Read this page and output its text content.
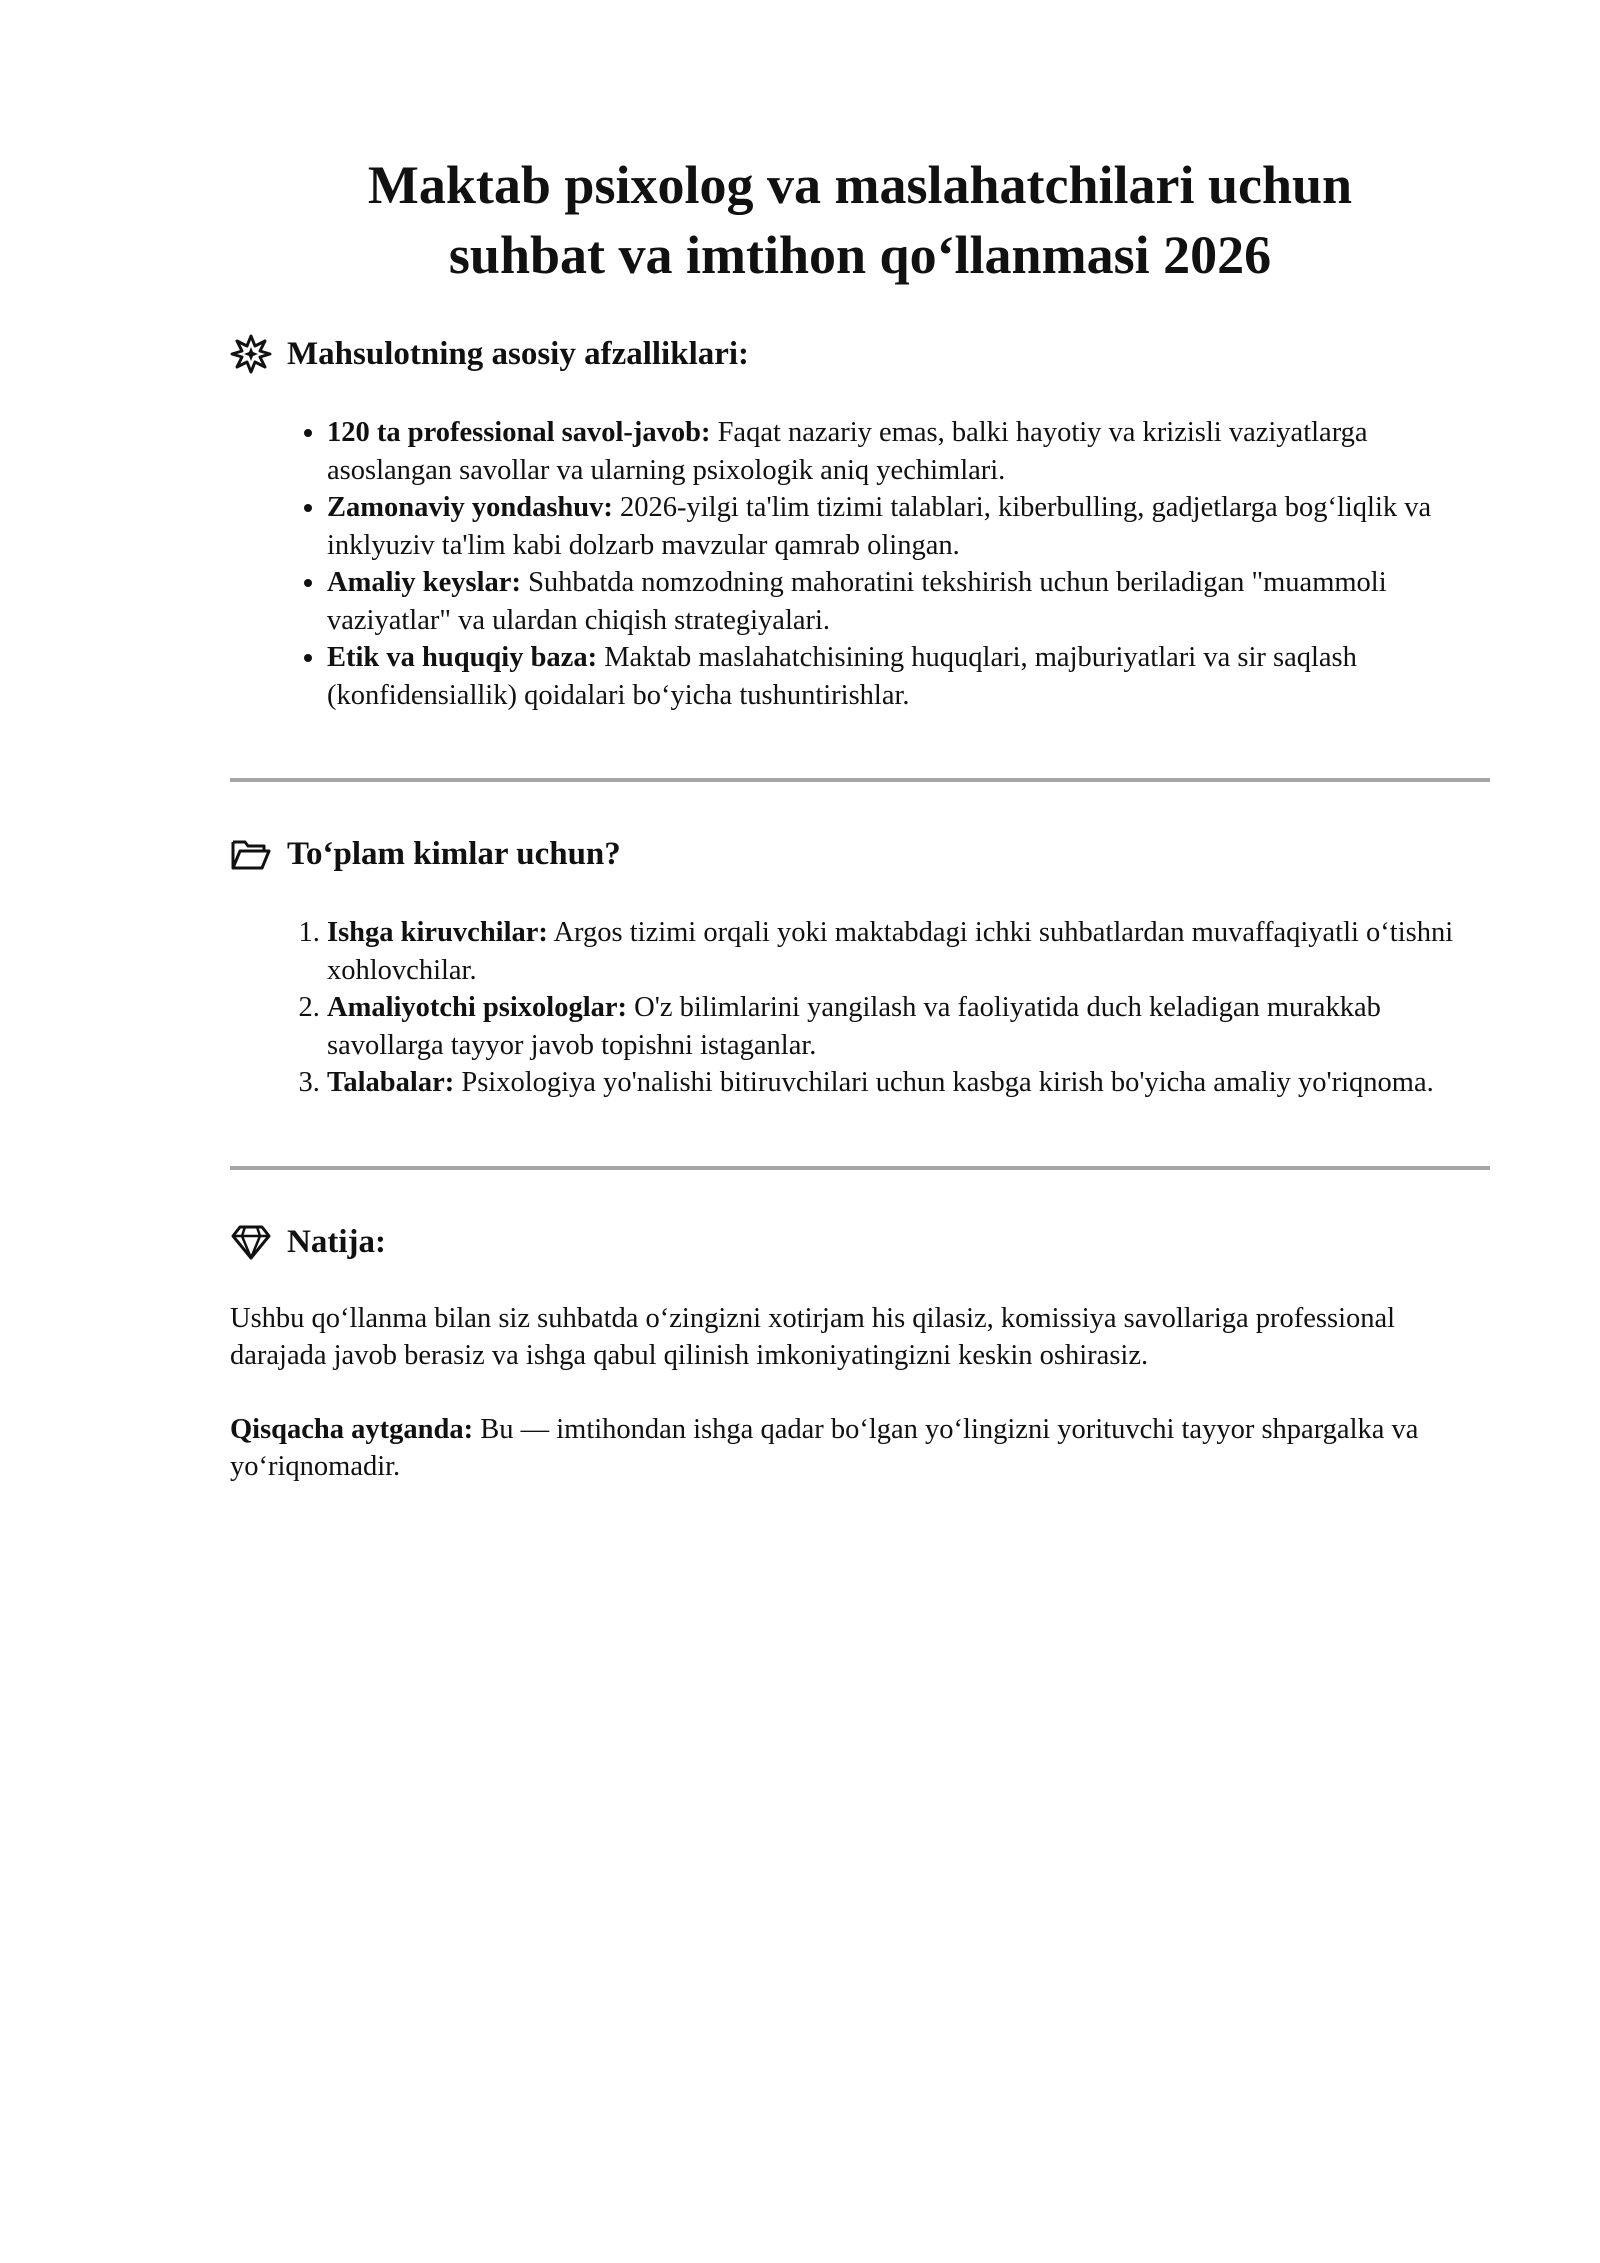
Maktab psixolog va maslahatchilari uchun
suhbat va imtihon qo‘llanmasi 2026
Mahsulotning asosiy afzalliklari:
• 120 ta professional savol-javob: Faqat nazariy emas, balki hayotiy va krizisli vaziyatlarga asoslangan savollar va ularning psixologik aniq yechimlari.
• Zamonaviy yondashuv: 2026-yilgi ta'lim tizimi talablari, kiberbulling, gadjetlarga bog‘liqlik va inklyuziv ta'lim kabi dolzarb mavzular qamrab olingan.
• Amaliy keyslar: Suhbatda nomzodning mahoratini tekshirish uchun beriladigan "muammoli vaziyatlar" va ulardan chiqish strategiyalari.
• Etik va huquqiy baza: Maktab maslahatchisining huquqlari, majburiyatlari va sir saqlash (konfidensiallik) qoidalari bo‘yicha tushuntirishlar.
To‘plam kimlar uchun?
1. Ishga kiruvchilar: Argos tizimi orqali yoki maktabdagi ichki suhbatlardan muvaffaqiyatli o‘tishni xohlovchilar.
2. Amaliyotchi psixologlar: O'z bilimlarini yangilash va faoliyatida duch keladigan murakkab savollarga tayyor javob topishni istaganlar.
3. Talabalar: Psixologiya yo'nalishi bitiruvchilari uchun kasbga kirish bo'yicha amaliy yo'riqnoma.
Natija:

Ushbu qo‘llanma bilan siz suhbatda o‘zingizni xotirjam his qilasiz, komissiya savollariga professional darajada javob berasiz va ishga qabul qilinish imkoniyatingizni keskin oshirasiz.

Qisqacha aytganda: Bu — imtihondan ishga qadar bo‘lgan yo‘lingizni yorituvchi tayyor shpargalka va yo‘riqnomadir.
